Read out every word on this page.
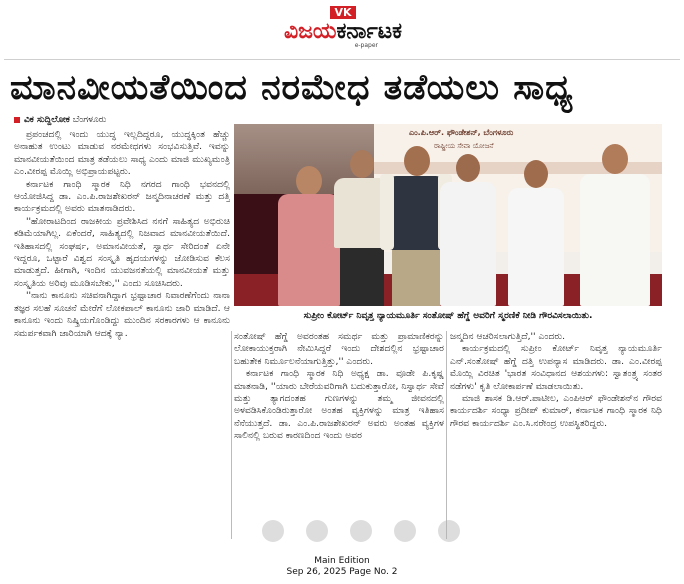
VK
ವಿಜಯ ಕರ್ನಾಟಕ
e-paper
ಮಾನವೀಯತೆಯಿಂದ ನರಮೇಧ ತಡೆಯಲು ಸಾಧ್ಯ
ವಿಕ ಸುದ್ದಿಲೋಕ ಬೆಂಗಳೂರು

ಪ್ರಪಂಚದಲ್ಲಿ ಇಂದು ಯುದ್ಧ ಇಲ್ಲದಿದ್ದರೂ, ಯುದ್ಧಕ್ಕಿಂತ ಹೆಚ್ಚು ಅನಾಹುತ ಉಂಟು ಮಾಡುವ ನರಮೇಧಗಳು ಸಂಭವಿಸುತ್ತಿವೆ. ಇವನ್ನು ಮಾನವೀಯತೆಯಿಂದ ಮಾತ್ರ ತಡೆಯಲು ಸಾಧ್ಯ ಎಂದು ಮಾಜಿ ಮುಖ್ಯಮಂತ್ರಿ ಎಂ.ವೀರಪ್ಪ ಮೊಯ್ಲಿ ಅಭಿಪ್ರಾಯಪಟ್ಟರು.

ಕರ್ನಾಟಕ ಗಾಂಧಿ ಸ್ಮಾರಕ ನಿಧಿ ನಗರದ ಗಾಂಧಿ ಭವನದಲ್ಲಿ ಆಯೋಜಿಸಿದ್ದ ಡಾ. ಎಂ.ಪಿ.ರಾಜಶೇಖರನ್ ಜನ್ಮದಿನಾಚರಣೆ ಮತ್ತು ದತ್ತಿ ಕಾರ್ಯಕ್ರಮದಲ್ಲಿ ಅವರು ಮಾತನಾಡಿದರು.

''ಹೋರಾಟದಿಂದ ರಾಜಕೀಯ ಪ್ರವೇಶಿಸಿದ ನನಗೆ ಸಾಹಿತ್ಯದ ಅಭಿರುಚಿ ಕಡಿಮೆಯಾಗಿಲ್ಲ. ಏಕೆಂದರೆ, ಸಾಹಿತ್ಯದಲ್ಲಿ ನಿಜವಾದ ಮಾನವೀಯತೆಯಿದೆ. ಇತಿಹಾಸದಲ್ಲಿ ಸಂಘರ್ಷ, ಅಮಾನವೀಯತೆ, ಸ್ವಾರ್ಥ ಸೇರಿದಂತೆ ಏನೇ ಇದ್ದರೂ, ಒಟ್ಟಾರೆ ವಿಶ್ವದ ಸಂಸ್ಕೃತಿ ಹೃದಯಗಳನ್ನು ಜೋಡಿಸುವ ಕೆಲಸ ಮಾಡುತ್ತದೆ. ಹೀಗಾಗಿ, ಇಂದಿನ ಯುವಜನತೆಯಲ್ಲಿ ಮಾನವೀಯತೆ ಮತ್ತು ಸಂಸ್ಕೃತಿಯ ಅರಿವು ಮೂಡಿಸಬೇಕು,'' ಎಂದು ಸೂಚಿಸಿದರು.

''ನಾನು ಕಾನೂನು ಸಚಿವನಾಗಿದ್ದಾಗ ಭ್ರಷ್ಟಾಚಾರ ನಿವಾರಣೆಗೆಂದು ನಾನಾ ತಜ್ಞರ ಸಲಹೆ ಸೂಚನೆ ಮೇರೆಗೆ ಲೋಕಪಾಲ್ ಕಾನೂನು ಜಾರಿ ಮಾಡಿದೆ. ಆ ಕಾನೂನು ಇಂದು ನಿಷ್ಕ್ರಿಯಗೊಂಡಿದ್ದು ಮುಂದಿನ ಸರಕಾರಗಳು ಆ ಕಾನೂನು ಸಮರ್ಪಕವಾಗಿ ಜಾರಿಯಾಗಿ ಆದಕ್ಕೆ ನ್ಯಾ.

ಎಂ.ಪಿ.ಆರ್. ಫೌಂಡೇಶನ್, ಬೆಂಗಳೂರು
ರಾಷ್ಟ್ರೀಯ ಸೇವಾ ಯೋಜನೆ
ಸುಪ್ರೀಂ ಕೋರ್ಟ್ ನಿವೃತ್ತ ನ್ಯಾಯಮೂರ್ತಿ ಸಂತೋಷ್ ಹೆಗ್ಡೆ ಅವರಿಗೆ ಸ್ಮರಣಿಕೆ ನೀಡಿ ಗೌರವಿಸಲಾಯಿತು.

ಸಂತೋಷ್ ಹೆಗ್ಡೆ ಅವರಂತಹ ಸಮರ್ಥ ಮತ್ತು ಪ್ರಾಮಾಣಿಕರನ್ನು ಲೋಕಾಯುಕ್ತರಾಗಿ ನೇಮಿಸಿದ್ದರೆ ಇಂದು ದೇಶದಲ್ಲಿನ ಭ್ರಷ್ಟಾಚಾರ ಬಹುತೇಕ ನಿರ್ಮೂಲನೆಯಾಗುತ್ತಿತ್ತು,'' ಎಂದರು.

ಕರ್ನಾಟಕ ಗಾಂಧಿ ಸ್ಮಾರಕ ನಿಧಿ ಅಧ್ಯಕ್ಷ ಡಾ. ವೂಡೇ ಪಿ.ಕೃಷ್ಣ ಮಾತನಾಡಿ, ''ಯಾರು ಬೇರೆಯವರಿಗಾಗಿ ಬದುಕುತ್ತಾರೋ, ನಿಸ್ವಾರ್ಥ ಸೇವೆ ಮತ್ತು ತ್ಯಾಗದಂತಹ ಗುಣಗಳನ್ನು ತಮ್ಮ ಜೀವನದಲ್ಲಿ ಅಳವಡಿಸಿಕೊಂಡಿರುತ್ತಾರೋ ಅಂತಹ ವ್ಯಕ್ತಿಗಳನ್ನು ಮಾತ್ರ ಇತಿಹಾಸ ನೆನೆಯುತ್ತದೆ. ಡಾ. ಎಂ.ಪಿ.ರಾಜಶೇಖರನ್ ಅವರು ಅಂತಹ ವ್ಯಕ್ತಿಗಳ ಸಾಲಿನಲ್ಲಿ ಬರುವ ಕಾರಣದಿಂದ ಇಂದು ಅವರ

ಜನ್ಮದಿನ ಆಚರಿಸಲಾಗುತ್ತಿದೆ,'' ಎಂದರು.

ಕಾರ್ಯಕ್ರಮದಲ್ಲಿ ಸುಪ್ರೀಂ ಕೋರ್ಟ್ ನಿವೃತ್ತ ನ್ಯಾಯಮೂರ್ತಿ ಎನ್.ಸಂತೋಷ್ ಹೆಗ್ಡೆ ದತ್ತಿ ಉಪನ್ಯಾಸ ಮಾಡಿದರು. ಡಾ. ಎಂ.ವೀರಪ್ಪ ಮೊಯ್ಲಿ ವಿರಚಿತ 'ಭಾರತ ಸಂವಿಧಾನದ ಆಶಯಗಳು: ಸ್ವಾತಂತ್ರ್ಯ ಸಂತರ ನಡೆಗಳು' ಕೃತಿ ಲೋಕಾರ್ಪಣೆ ಮಾಡಲಾಯಿತು.

ಮಾಜಿ ಶಾಸಕ ಡಿ.ಆರ್.ಪಾಟೀಲ, ಎಂಪಿಆರ್ ಫೌಂಡೇಶನ್‌ನ ಗೌರವ ಕಾರ್ಯದರ್ಶಿ ಸಂಧ್ಯಾ ಪ್ರದೀಪ್ ಕುಮಾರ್, ಕರ್ನಾಟಕ ಗಾಂಧಿ ಸ್ಮಾರಕ ನಿಧಿ ಗೌರವ ಕಾರ್ಯದರ್ಶಿ ಎಂ.ಸಿ.ನರೇಂದ್ರ ಉಪಸ್ಥಿತರಿದ್ದರು.

Main Edition
Sep 26, 2025 Page No. 2
